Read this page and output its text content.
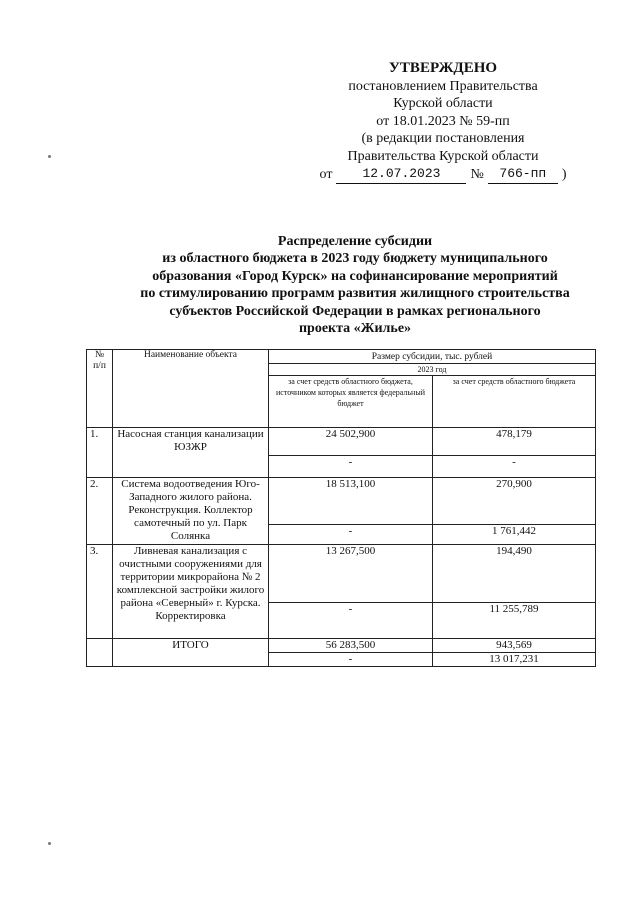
УТВЕРЖДЕНО
постановлением Правительства
Курской области
от 18.01.2023 № 59-пп
(в редакции постановления
Правительства Курской области
от	12.07.2023	№	766-пп	)
Распределение субсидии
из областного бюджета в 2023 году бюджету муниципального
образования «Город Курск» на софинансирование мероприятий
по стимулированию программ развития жилищного строительства
субъектов Российской Федерации в рамках регионального
проекта «Жилье»
№ п/п	Наименование объекта	Размер субсидии, тыс. рублей	
		2023 год	
		за счет средств областного бюджета, источником которых является федеральный бюджет	за счет средств областного бюджета
1.	Насосная станция канализации ЮЗЖР	24 502,900	478,179
		-	-
2.	Система водоотведения Юго-Западного жилого района. Реконструкция. Коллектор самотечный по ул. Парк Солянка	18 513,100	270,900
		-	1 761,442
3.	Ливневая канализация с очистными сооружениями для территории микрорайона № 2 комплексной застройки жилого района «Северный» г. Курска. Корректировка	13 267,500	194,490
		-	11 255,789
	ИТОГО	56 283,500	943,569
		-	13 017,231
